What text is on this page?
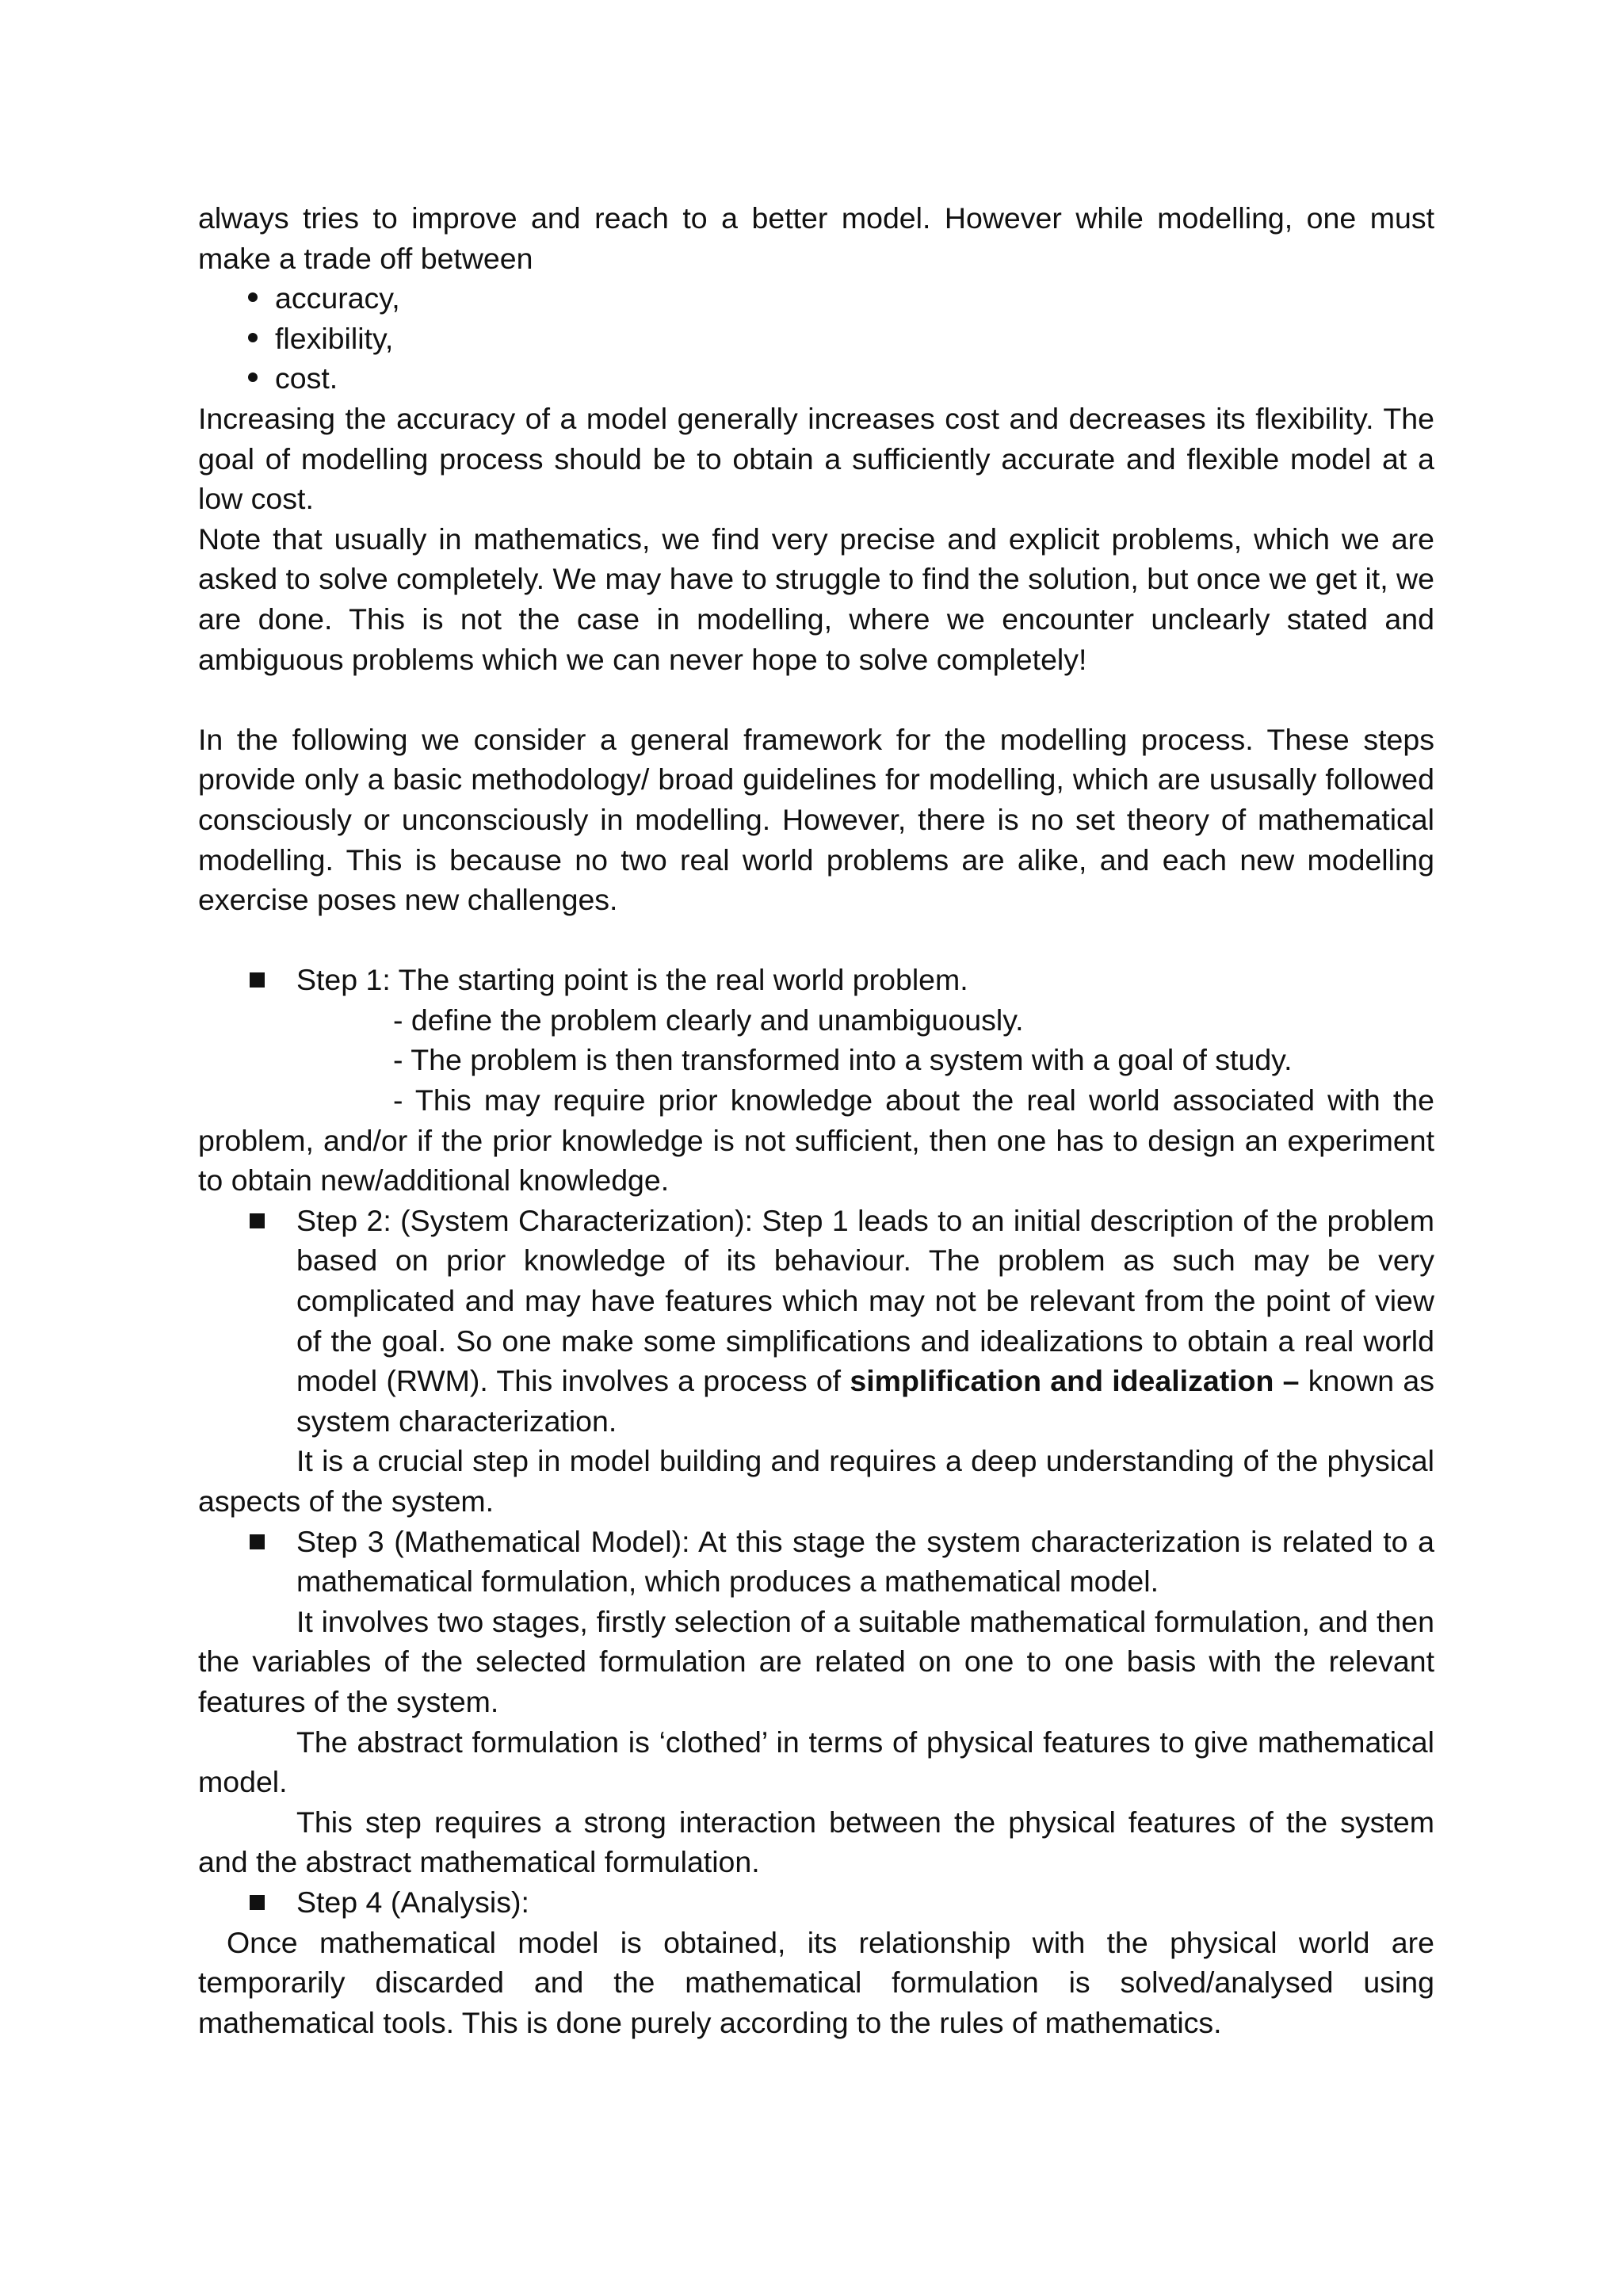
always tries to improve and reach to a better model. However while modelling, one must make a trade off between

accuracy,
flexibility,
cost.

Increasing the accuracy of a model generally increases cost and decreases its flexibility. The goal of modelling process should be to obtain a sufficiently accurate and flexible model at a low cost.

Note that usually in mathematics, we find very precise and explicit problems, which we are asked to solve completely. We may have to struggle to find the solution, but once we get it, we are done. This is not the case in modelling, where we encounter unclearly stated and ambiguous problems which we can never hope to solve completely!

In the following we consider a general framework for the modelling process. These steps provide only a basic methodology/ broad guidelines for modelling, which are ususally followed consciously or unconsciously in modelling. However, there is no set theory of mathematical modelling. This is because no two real world problems are alike, and each new modelling exercise poses new challenges.

Step 1: The starting point is the real world problem.

- define the problem clearly and unambiguously.

- The problem is then transformed into a system with a goal of study.

- This may require prior knowledge about the real world associated with the problem, and/or if the prior knowledge is not sufficient, then one has to design an experiment to obtain new/additional knowledge.

Step 2: (System Characterization): Step 1 leads to an initial description of the problem based on prior knowledge of its behaviour. The problem as such may be very complicated and may have features which may not be relevant from the point of view of the goal. So one make some simplifications and idealizations to obtain a real world model (RWM). This involves a process of simplification and idealization – known as system characterization.

It is a crucial step in model building and requires a deep understanding of the physical aspects of the system.

Step 3 (Mathematical Model): At this stage the system characterization is related to a mathematical formulation, which produces a mathematical model.

It involves two stages, firstly selection of a suitable mathematical formulation, and then the variables of the selected formulation are related on one to one basis with the relevant features of the system.

The abstract formulation is ‘clothed’ in terms of physical features to give mathematical model.

This step requires a strong interaction between the physical features of the system and the abstract mathematical formulation.

Step 4 (Analysis):

Once mathematical model is obtained, its relationship with the physical world are temporarily discarded and the mathematical formulation is solved/analysed using mathematical tools. This is done purely according to the rules of mathematics.
